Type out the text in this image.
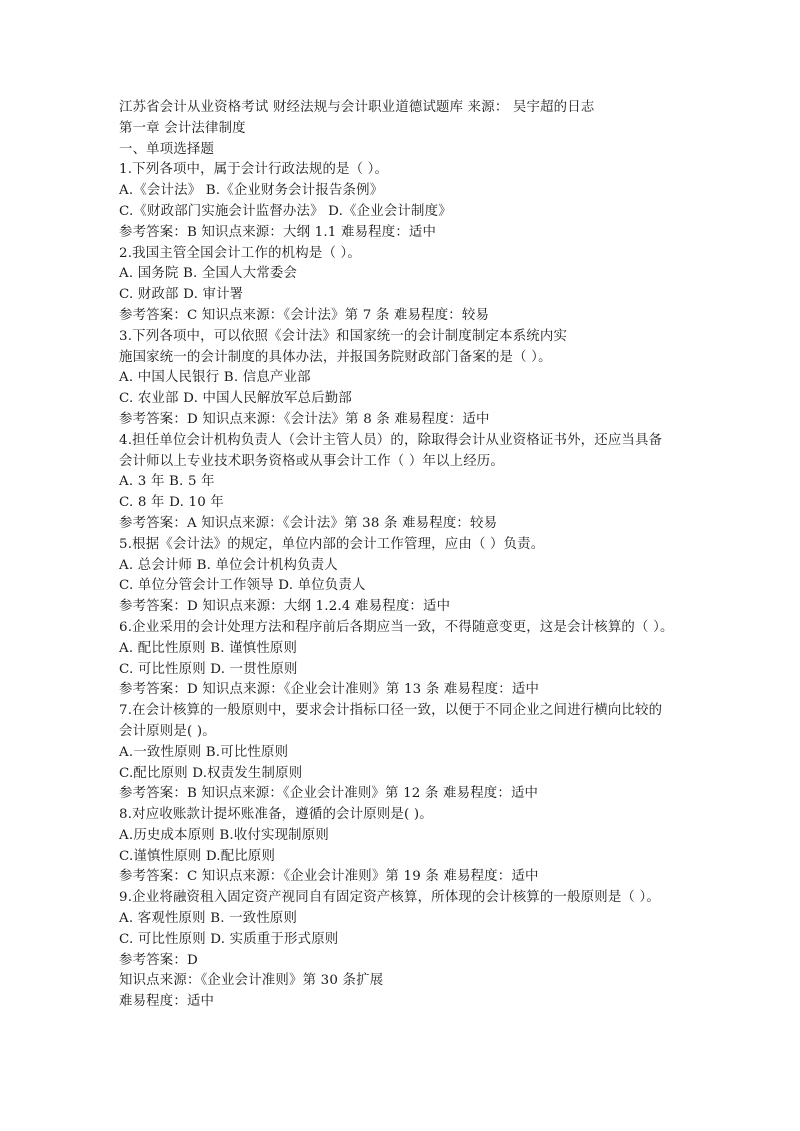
江苏省会计从业资格考试 财经法规与会计职业道德试题库 来源： 吴宇超的日志
第一章 会计法律制度
一、单项选择题
1.下列各项中，属于会计行政法规的是（ ）。
A.《会计法》 B.《企业财务会计报告条例》
C.《财政部门实施会计监督办法》 D.《企业会计制度》
参考答案：B 知识点来源：大纲 1.1 难易程度：适中
2.我国主管全国会计工作的机构是（ ）。
A. 国务院 B. 全国人大常委会
C. 财政部 D. 审计署
参考答案：C 知识点来源：《会计法》第 7 条 难易程度：较易
3.下列各项中，可以依照《会计法》和国家统一的会计制度制定本系统内实
施国家统一的会计制度的具体办法，并报国务院财政部门备案的是（ ）。
A. 中国人民银行 B. 信息产业部
C. 农业部 D. 中国人民解放军总后勤部
参考答案：D 知识点来源：《会计法》第 8 条 难易程度：适中
4.担任单位会计机构负责人（会计主管人员）的，除取得会计从业资格证书外，还应当具备
会计师以上专业技术职务资格或从事会计工作（ ）年以上经历。
A. 3 年 B. 5 年
C. 8 年 D. 10 年
参考答案：A 知识点来源：《会计法》第 38 条 难易程度：较易
5.根据《会计法》的规定，单位内部的会计工作管理，应由（ ）负责。
A. 总会计师 B. 单位会计机构负责人
C. 单位分管会计工作领导 D. 单位负责人
参考答案：D 知识点来源：大纲 1.2.4 难易程度：适中
6.企业采用的会计处理方法和程序前后各期应当一致，不得随意变更，这是会计核算的（ ）。
A. 配比性原则 B. 谨慎性原则
C. 可比性原则 D. 一贯性原则
参考答案：D 知识点来源：《企业会计准则》第 13 条 难易程度：适中
7.在会计核算的一般原则中，要求会计指标口径一致，以便于不同企业之间进行横向比较的
会计原则是( )。
A.一致性原则 B.可比性原则
C.配比原则 D.权责发生制原则
参考答案：B 知识点来源：《企业会计准则》第 12 条 难易程度：适中
8.对应收账款计提坏账准备，遵循的会计原则是( )。
A.历史成本原则 B.收付实现制原则
C.谨慎性原则 D.配比原则
参考答案：C 知识点来源：《企业会计准则》第 19 条 难易程度：适中
9.企业将融资租入固定资产视同自有固定资产核算，所体现的会计核算的一般原则是（ ）。
A. 客观性原则 B. 一致性原则
C. 可比性原则 D. 实质重于形式原则
参考答案：D
知识点来源：《企业会计准则》第 30 条扩展
难易程度：适中
